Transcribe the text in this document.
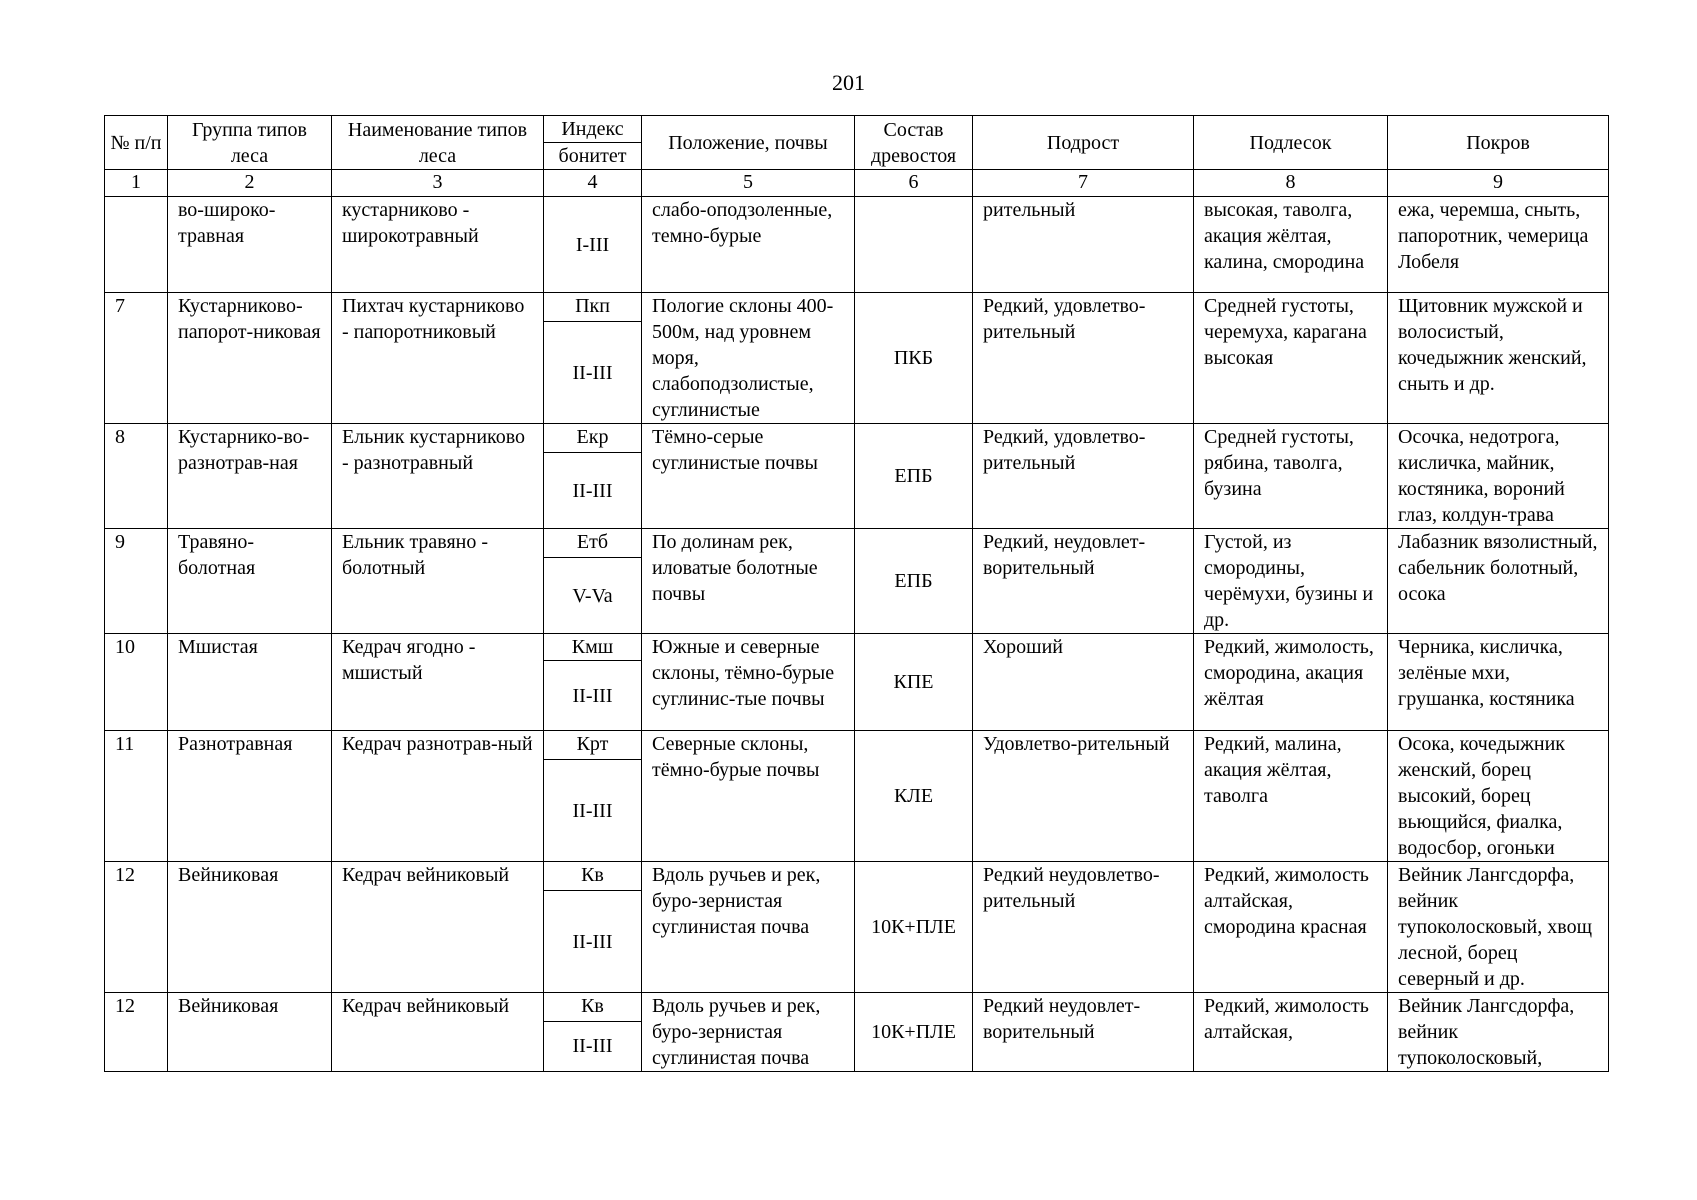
201
№ п/п	Группа типов леса	Наименование типов леса	Индекс	Положение, почвы	Состав древостоя	Подрост	Подлесок	Покров
			бонитет					
1	2	3	4	5	6	7	8	9
	во-широко-травная	кустарниково - широкотравный	I-III	слабо-оподзоленные, темно-бурые		рительный	высокая, таволга, акация жёлтая, калина, смородина	ежа, черемша, сныть, папоротник, чемерица Лобеля
7	Кустарниково-папорот-никовая	Пихтач кустарниково - папоротниковый	Пкп	Пологие склоны 400-500м, над уровнем моря, слабоподзолистые, суглинистые	ПКБ	Редкий, удовлетво-рительный	Средней густоты, черемуха, карагана высокая	Щитовник мужской и волосистый, кочедыжник женский, сныть и др.
			II-III					
8	Кустарнико-во-разнотрав-ная	Ельник кустарниково - разнотравный	Екр	Тёмно-серые суглинистые почвы	ЕПБ	Редкий, удовлетво-рительный	Средней густоты, рябина, таволга, бузина	Осочка, недотрога, кисличка, майник, костяника, вороний глаз, колдун-трава
			II-III					
9	Травяно-болотная	Ельник травяно - болотный	Етб	По долинам рек, иловатые болотные почвы	ЕПБ	Редкий, неудовлет-ворительный	Густой, из смородины, черёмухи, бузины и др.	Лабазник вязолистный, сабельник болотный, осока
			V-Va					
10	Мшистая	Кедрач ягодно - мшистый	Кмш	Южные и северные склоны, тёмно-бурые суглинис-тые почвы	КПЕ	Хороший	Редкий, жимолость, смородина, акация жёлтая	Черника, кисличка, зелёные мхи, грушанка, костяника
			II-III					
11	Разнотравная	Кедрач разнотрав-ный	Крт	Северные склоны, тёмно-бурые почвы	КЛЕ	Удовлетво-рительный	Редкий, малина, акация жёлтая, таволга	Осока, кочедыжник женский, борец высокий, борец вьющийся, фиалка, водосбор, огоньки
			II-III					
12	Вейниковая	Кедрач вейниковый	Кв	Вдоль ручьев и рек, буро-зернистая суглинистая почва	10К+ПЛЕ	Редкий неудовлетво-рительный	Редкий, жимолость алтайская, смородина красная	Вейник Лангсдорфа, вейник тупоколосковый, хвощ лесной, борец северный и др.
			II-III					
12	Вейниковая	Кедрач вейниковый	Кв	Вдоль ручьев и рек, буро-зернистая суглинистая почва	10К+ПЛЕ	Редкий неудовлет-ворительный	Редкий, жимолость алтайская,	Вейник Лангсдорфа, вейник тупоколосковый,
			II-III					
